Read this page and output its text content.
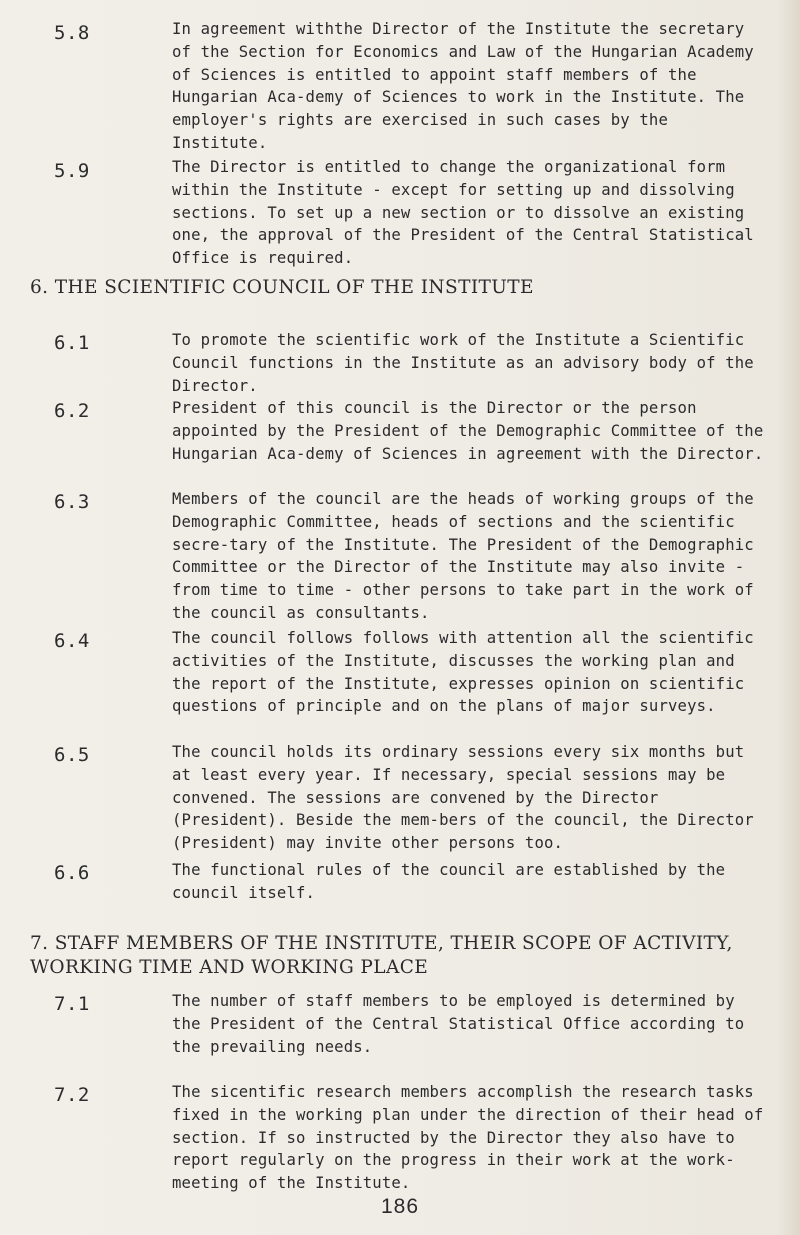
5.8	In agreement withthe Director of the Institute the secretary of the Section for Economics and Law of the Hungarian Academy of Sciences is entitled to appoint staff members of the Hungarian Aca-demy of Sciences to work in the Institute. The employer's rights are exercised in such cases by the Institute.
5.9	The Director is entitled to change the organizational form within the Institute - except for setting up and dissolving sections. To set up a new section or to dissolve an existing one, the approval of the President of the Central Statistical Office is required.
6. THE SCIENTIFIC COUNCIL OF THE INSTITUTE
6.1	To promote the scientific work of the Institute a Scientific Council functions in the Institute as an advisory body of the Director.
6.2	President of this council is the Director or the person appointed by the President of the Demographic Committee of the Hungarian Aca-demy of Sciences in agreement with the Director.
6.3	Members of the council are the heads of working groups of the Demographic Committee, heads of sections and the scientific secre-tary of the Institute. The President of the Demographic Committee or the Director of the Institute may also invite - from time to time - other persons to take part in the work of the council as consultants.
6.4	The council follows follows with attention all the scientific activities of the Institute, discusses the working plan and the report of the Institute, expresses opinion on scientific questions of principle and on the plans of major surveys.
6.5	The council holds its ordinary sessions every six months but at least every year. If necessary, special sessions may be convened. The sessions are convened by the Director (President). Beside the mem-bers of the council, the Director (President) may invite other persons too.
6.6	The functional rules of the council are established by the council itself.
7. STAFF MEMBERS OF THE INSTITUTE, THEIR SCOPE OF ACTIVITY,
WORKING TIME AND WORKING PLACE
7.1	The number of staff members to be employed is determined by the President of the Central Statistical Office according to the prevailing needs.
7.2	The sicentific research members accomplish the research tasks fixed in the working plan under the direction of their head of section. If so instructed by the Director they also have to report regularly on the progress in their work at the work-meeting of the Institute.
186
